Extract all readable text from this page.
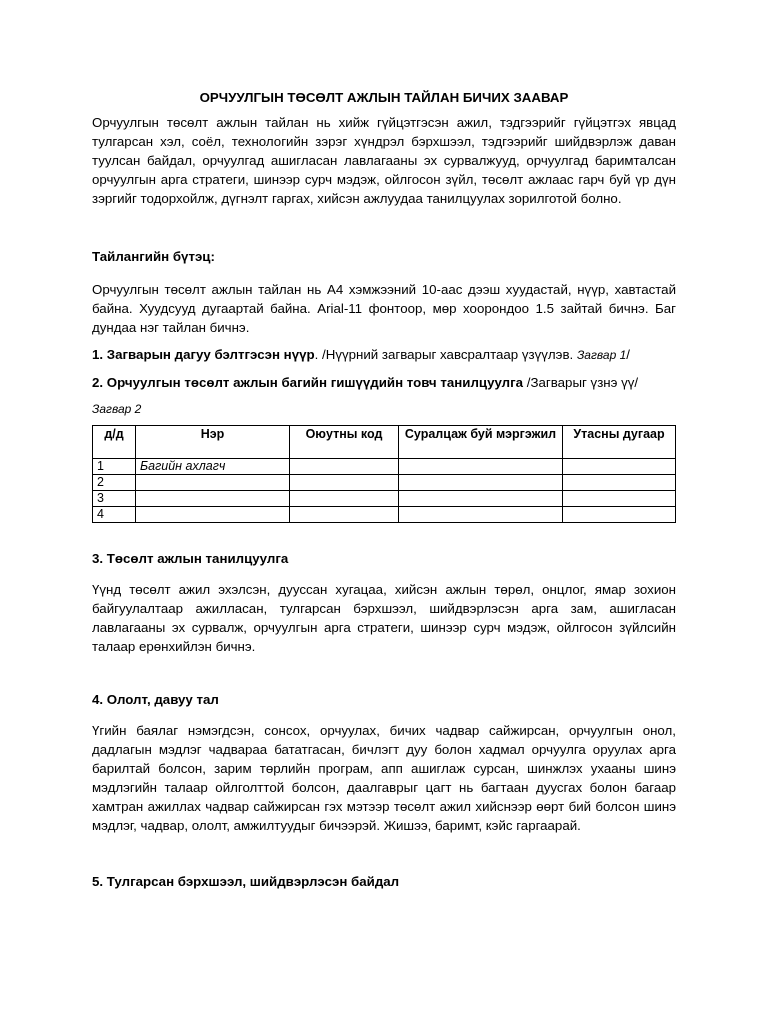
ОРЧУУЛГЫН ТӨСӨЛТ АЖЛЫН ТАЙЛАН БИЧИХ ЗААВАР

Орчуулгын төсөлт ажлын тайлан нь хийж гүйцэтгэсэн ажил, тэдгээрийг гүйцэтгэх явцад тулгарсан хэл, соёл, технологийн зэрэг хүндрэл бэрхшээл, тэдгээрийг шийдвэрлэж даван туулсан байдал, орчуулгад ашигласан лавлагааны эх сурвалжууд, орчуулгад баримталсан орчуулгын арга стратеги, шинээр сурч мэдэж, ойлгосон зүйл, төсөлт ажлаас гарч буй үр дүн зэргийг тодорхойлж, дүгнэлт гаргах, хийсэн ажлуудаа танилцуулах зорилготой болно.

Тайлангийн бүтэц:

Орчуулгын төсөлт ажлын тайлан нь A4 хэмжээний 10-аас дээш хуудастай, нүүр, хавтастай байна. Хуудсууд дугаартай байна. Arial-11 фонтоор, мөр хоорондоо 1.5 зайтай бичнэ. Баг дундаа нэг тайлан бичнэ.

1. Загварын дагуу бэлтгэсэн нүүр. /Нүүрний загварыг хавсралтаар үзүүлэв. Загвар 1/

2. Орчуулгын төсөлт ажлын багийн гишүүдийн товч танилцуулга /Загварыг үзнэ үү/

Загвар 2
д/д	Нэр	Оюутны код	Суралцаж буй мэргэжил	Утасны дугаар
1	Багийн ахлагч			
2				
3				
4				
3. Төсөлт ажлын танилцуулга

Үүнд төсөлт ажил эхэлсэн, дууссан хугацаа, хийсэн ажлын төрөл, онцлог, ямар зохион байгуулалтаар ажилласан, тулгарсан бэрхшээл, шийдвэрлэсэн арга зам, ашигласан лавлагааны эх сурвалж, орчуулгын арга стратеги, шинээр сурч мэдэж, ойлгосон зүйлсийн талаар ерөнхийлэн бичнэ.

4. Ололт, давуу тал

Үгийн баялаг нэмэгдсэн, сонсох, орчуулах, бичих чадвар сайжирсан, орчуулгын онол, дадлагын мэдлэг чадвараа бататгасан, бичлэгт дуу болон хадмал орчуулга оруулах арга барилтай болсон, зарим төрлийн програм, апп ашиглаж сурсан, шинжлэх ухааны шинэ мэдлэгийн талаар ойлголттой болсон, даалгаврыг цагт нь багтаан дуусгах болон багаар хамтран ажиллах чадвар сайжирсан гэх мэтээр төсөлт ажил хийснээр өөрт бий болсон шинэ мэдлэг, чадвар, ололт, амжилтуудыг бичээрэй. Жишээ, баримт, кэйс гаргаарай.

5. Тулгарсан бэрхшээл, шийдвэрлэсэн байдал
